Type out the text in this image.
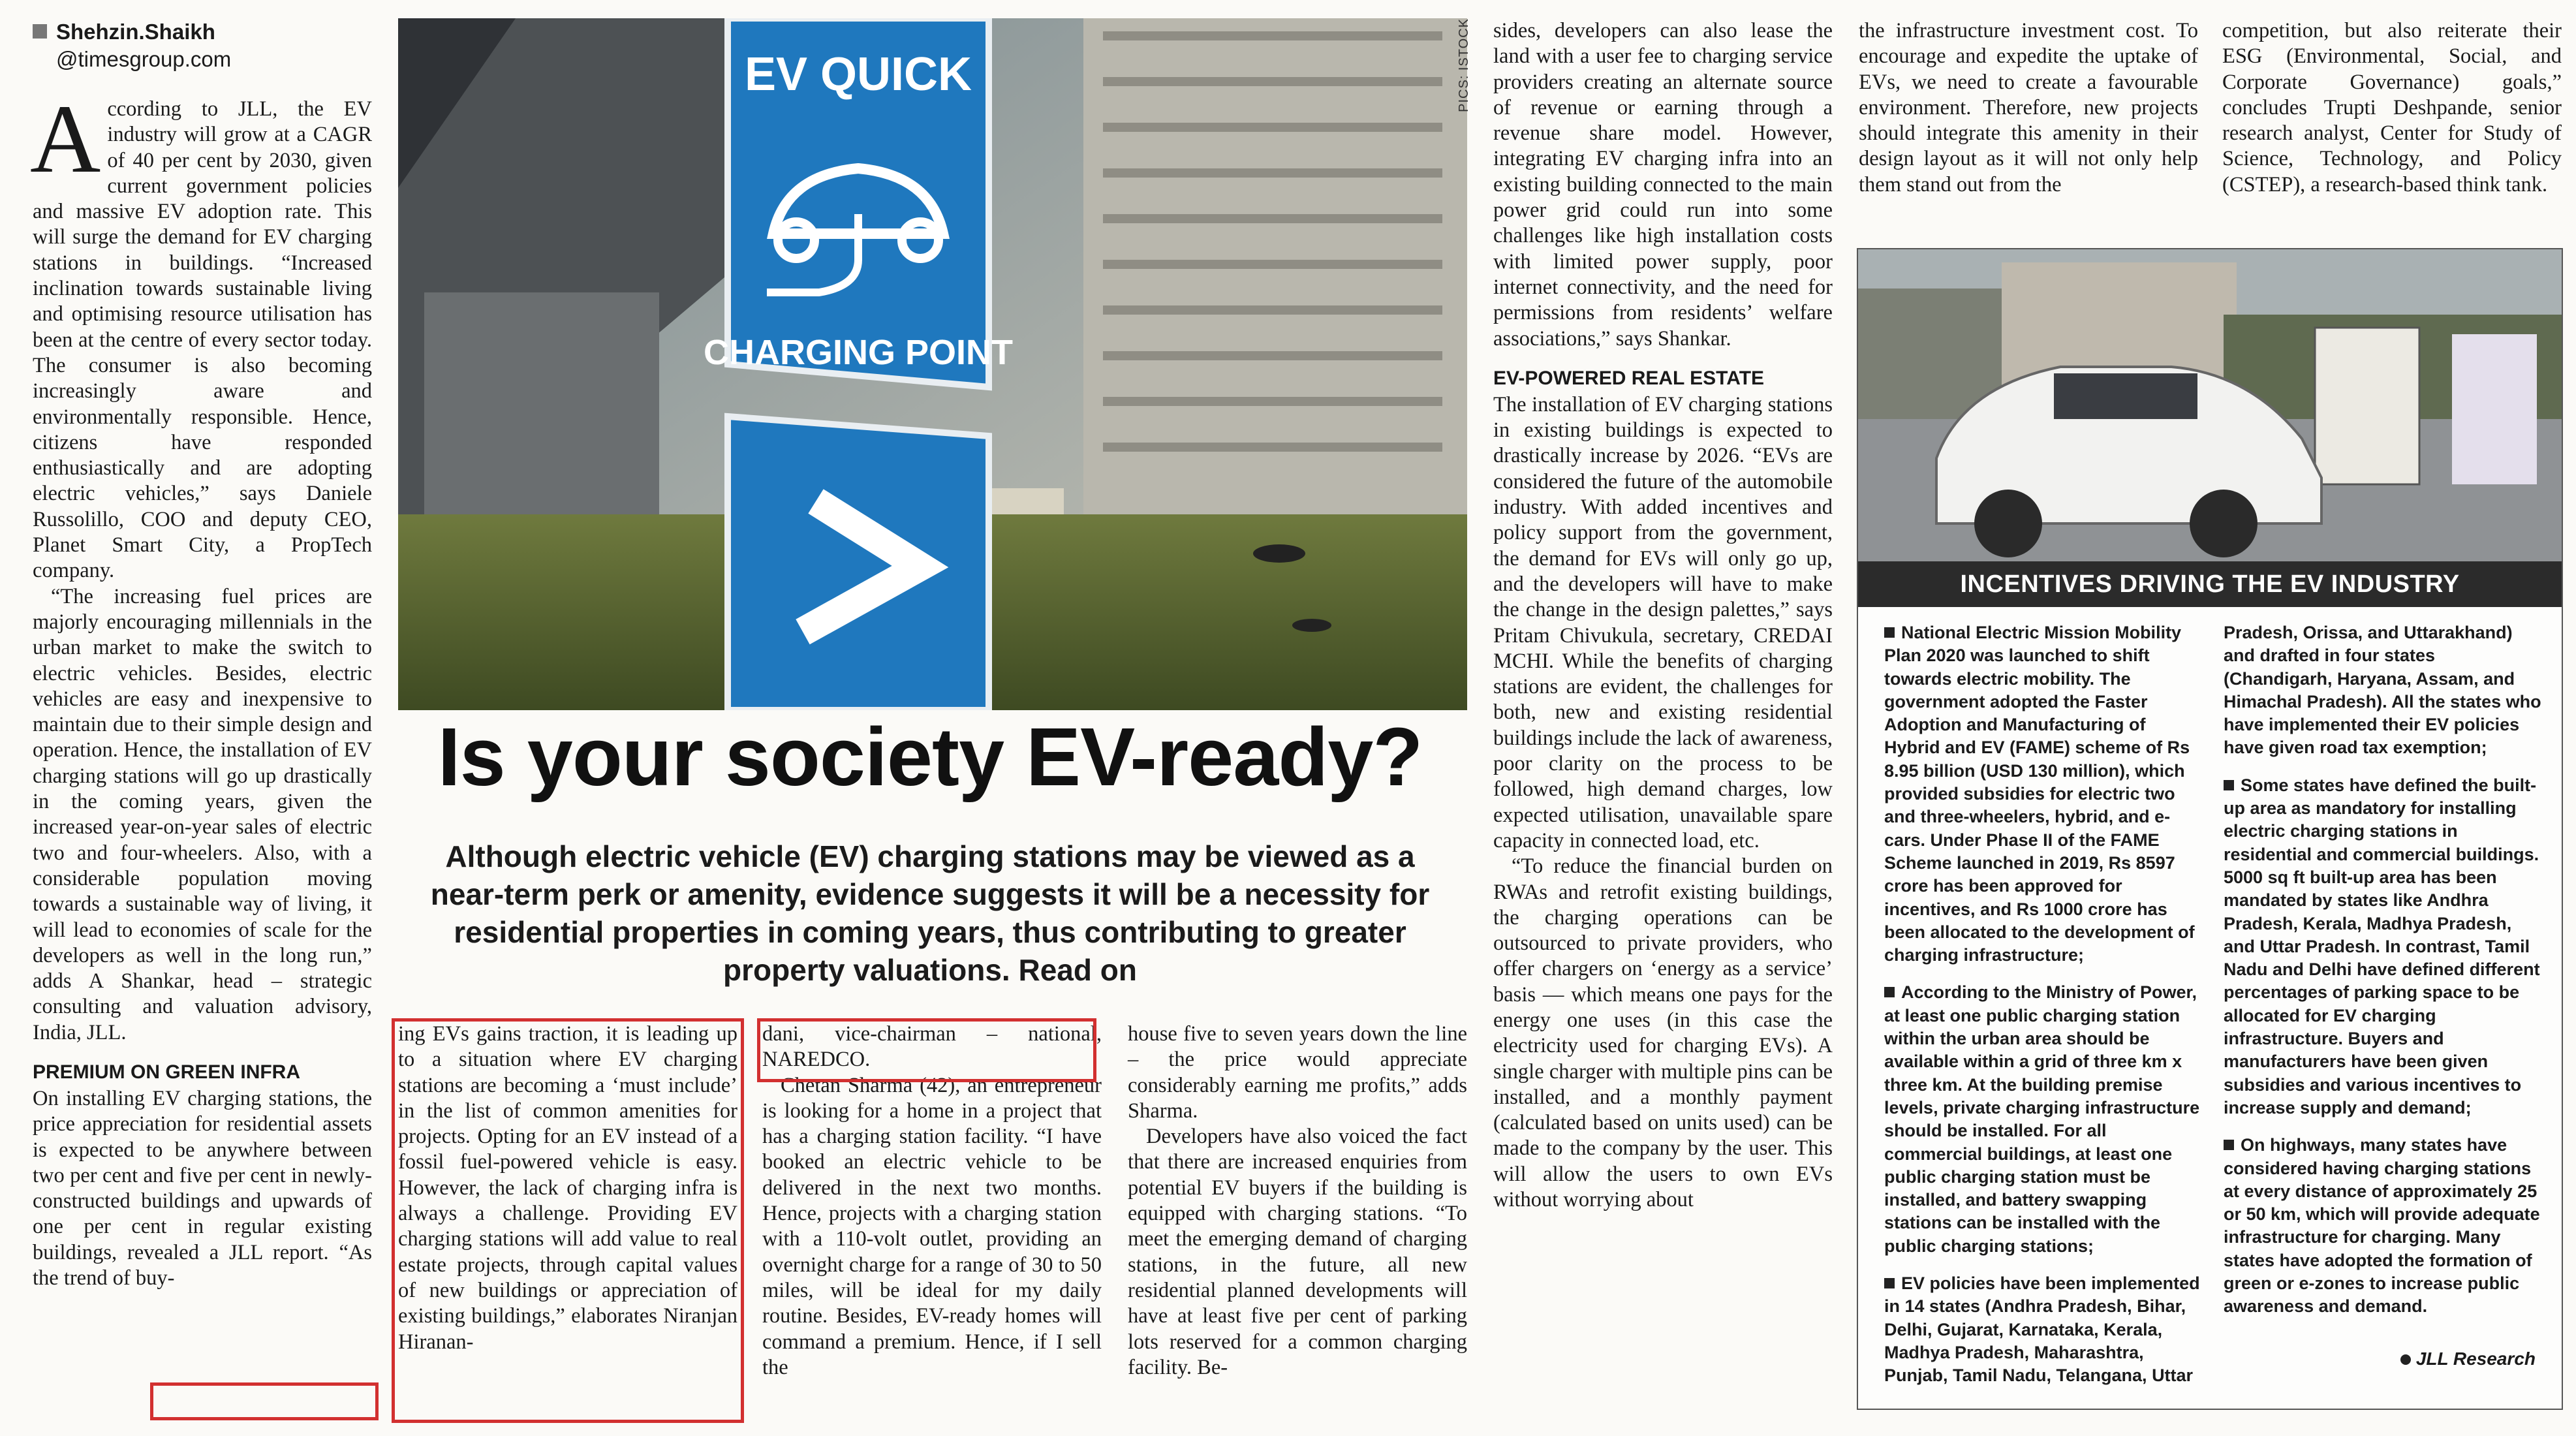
Shehzin.Shaikh
@timesgroup.com

According to JLL, the EV industry will grow at a CAGR of 40 per cent by 2030, given current government policies and massive EV adoption rate. This will surge the demand for EV charging stations in buildings. “Increased inclination towards sustainable living and optimising resource utilisation has been at the centre of every sector today. The consumer is also becoming increasingly aware and environmentally responsible. Hence, citizens have responded enthusiastically and are adopting electric vehicles,” says Daniele Russolillo, COO and deputy CEO, Planet Smart City, a PropTech company.

“The increasing fuel prices are majorly encouraging millennials in the urban market to make the switch to electric vehicles. Besides, electric vehicles are easy and inexpensive to maintain due to their simple design and operation. Hence, the installation of EV charging stations will go up drastically in the coming years, given the increased year-on-year sales of electric two and four-wheelers. Also, with a considerable population moving towards a sustainable way of living, it will lead to economies of scale for the developers as well in the long run,” adds A Shankar, head – strategic consulting and valuation advisory, India, JLL.

PREMIUM ON GREEN INFRA

On installing EV charging stations, the price appreciation for residential assets is expected to be anywhere between two per cent and five per cent in newly-constructed buildings and upwards of one per cent in regular existing buildings, revealed a JLL report. “As the trend of buy-

EV QUICK
CHARGING POINT
PICS: ISTOCK
Is your society EV-ready?
Although electric vehicle (EV) charging stations may be viewed as a near-term perk or amenity, evidence suggests it will be a necessity for residential properties in coming years, thus contributing to greater property valuations. Read on

ing EVs gains traction, it is leading up to a situation where EV charging stations are becoming a ‘must include’ in the list of common amenities for projects. Opting for an EV instead of a fossil fuel-powered vehicle is easy. However, the lack of charging infra is always a challenge. Providing EV charging stations will add value to real estate projects, through capital values of new buildings or appreciation of existing buildings,” elaborates Niranjan Hiranan-

dani, vice-chairman – national, NAREDCO.

Chetan Sharma (42), an entrepreneur is looking for a home in a project that has a charging station facility. “I have booked an electric vehicle to be delivered in the next two months. Hence, projects with a charging station with a 110-volt outlet, providing an overnight charge for a range of 30 to 50 miles, will be ideal for my daily routine. Besides, EV-ready homes will command a premium. Hence, if I sell the

house five to seven years down the line – the price would appreciate considerably earning me profits,” adds Sharma.

Developers have also voiced the fact that there are increased enquiries from potential EV buyers if the building is equipped with charging stations. “To meet the emerging demand of charging stations, in the future, all new residential planned developments will have at least five per cent of parking lots reserved for a common charging facility. Be-

sides, developers can also lease the land with a user fee to charging service providers creating an alternate source of revenue or earning through a revenue share model. However, integrating EV charging infra into an existing building connected to the main power grid could run into some challenges like high installation costs with limited power supply, poor internet connectivity, and the need for permissions from residents’ welfare associations,” says Shankar.

EV-POWERED REAL ESTATE

The installation of EV charging stations in existing buildings is expected to drastically increase by 2026. “EVs are considered the future of the automobile industry. With added incentives and policy support from the government, the demand for EVs will only go up, and the developers will have to make the change in the design palettes,” says Pritam Chivukula, secretary, CREDAI MCHI. While the benefits of charging stations are evident, the challenges for both, new and existing residential buildings include the lack of awareness, poor clarity on the process to be followed, high demand charges, low expected utilisation, unavailable spare capacity in connected load, etc.

“To reduce the financial burden on RWAs and retrofit existing buildings, the charging operations can be outsourced to private providers, who offer chargers on ‘energy as a service’ basis — which means one pays for the energy one uses (in this case the electricity used for charging EVs). A single charger with multiple pins can be installed, and a monthly payment (calculated based on units used) can be made to the company by the user. This will allow the users to own EVs without worrying about

the infrastructure investment cost. To encourage and expedite the uptake of EVs, we need to create a favourable environment. Therefore, new projects should integrate this amenity in their design layout as it will not only help them stand out from the

competition, but also reiterate their ESG (Environmental, Social, and Corporate Governance) goals,” concludes Trupti Deshpande, senior research analyst, Center for Study of Science, Technology, and Policy (CSTEP), a research-based think tank.

INCENTIVES DRIVING THE EV INDUSTRY

National Electric Mission Mobility Plan 2020 was launched to shift towards electric mobility. The government adopted the Faster Adoption and Manufacturing of Hybrid and EV (FAME) scheme of Rs 8.95 billion (USD 130 million), which provided subsidies for electric two and three-wheelers, hybrid, and e-cars. Under Phase II of the FAME Scheme launched in 2019, Rs 8597 crore has been approved for incentives, and Rs 1000 crore has been allocated to the development of charging infrastructure;

According to the Ministry of Power, at least one public charging station within the urban area should be available within a grid of three km x three km. At the building premise levels, private charging infrastructure should be installed. For all commercial buildings, at least one public charging station must be installed, and battery swapping stations can be installed with the public charging stations;

EV policies have been implemented in 14 states (Andhra Pradesh, Bihar, Delhi, Gujarat, Karnataka, Kerala, Madhya Pradesh, Maharashtra, Punjab, Tamil Nadu, Telangana, Uttar

Pradesh, Orissa, and Uttarakhand) and drafted in four states (Chandigarh, Haryana, Assam, and Himachal Pradesh). All the states who have implemented their EV policies have given road tax exemption;

Some states have defined the built-up area as mandatory for installing electric charging stations in residential and commercial buildings. 5000 sq ft built-up area has been mandated by states like Andhra Pradesh, Kerala, Madhya Pradesh, and Uttar Pradesh. In contrast, Tamil Nadu and Delhi have defined different percentages of parking space to be allocated for EV charging infrastructure. Buyers and manufacturers have been given subsidies and various incentives to increase supply and demand;

On highways, many states have considered having charging stations at every distance of approximately 25 or 50 km, which will provide adequate infrastructure for charging. Many states have adopted the formation of green or e-zones to increase public awareness and demand.

JLL Research
